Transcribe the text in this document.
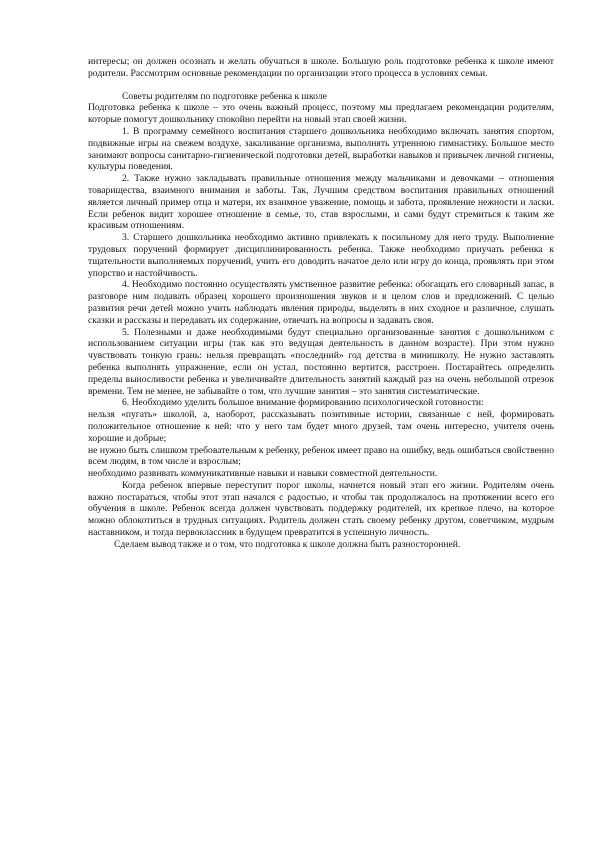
интересы; он должен осознать и желать обучаться в школе. Большую роль подготовке ребенка к школе имеют родители. Рассмотрим основные рекомендации по организации этого процесса в условиях семьи.

Советы родителям по подготовке ребенка к школе

Подготовка ребенка к школе – это очень важный процесс, поэтому мы предлагаем рекомендации родителям, которые помогут дошкольнику спокойно перейти на новый этап своей жизни.

1. В программу семейного воспитания старшего дошкольника необходимо включать занятия спортом, подвижные игры на свежем воздухе, закаливание организма, выполнять утреннюю гимнастику. Большое место занимают вопросы санитарно-гигиенической подготовки детей, выработки навыков и привычек личной гигиены, культуры поведения.

2. Также нужно закладывать правильные отношения между мальчиками и девочками – отношения товарищества, взаимного внимания и заботы. Так, Лучшим средством воспитания правильных отношений является личный пример отца и матери, их взаимное уважение, помощь и забота, проявление нежности и ласки. Если ребенок видит хорошее отношение в семье, то, став взрослыми, и сами будут стремиться к таким же красивым отношениям.

3. Старшего дошкольника необходимо активно привлекать к посильному для него труду. Выполнение трудовых поручений формирует дисциплинированность ребенка. Также необходимо приучать ребенка к тщательности выполняемых поручений, учить его доводить начатое дело или игру до конца, проявлять при этом упорство и настойчивость.

4. Необходимо постоянно осуществлять умственное развитие ребенка: обогащать его словарный запас, в разговоре ним подавать образец хорошего произношения звуков и в целом слов и предложений. С целью развития речи детей можно учить наблюдать явления природы, выделять в них сходное и различное, слушать сказки и рассказы и передавать их содержание, отвечать на вопросы и задавать своя.

5. Полезными и даже необходимыми будут специально организованные занятия с дошкольником с использованием ситуации игры (так как это ведущая деятельность в данном возрасте). При этом нужно чувствовать тонкую грань: нельзя превращать «последний» год детства в минишколу. Не нужно заставлять ребенка выполнять упражнение, если он устал, постоянно вертится, расстроен. Постарайтесь определить пределы выносливости ребенка и увеличивайте длительность занятий каждый раз на очень небольшой отрезок времени. Тем не менее, не забывайте о том, что лучшие занятия – это занятия систематические.

6. Необходимо уделить большое внимание формированию психологической готовности:

нельзя «пугать» школой, а, наоборот, рассказывать позитивные истории, связанные с ней, формировать положительное отношение к ней: что у него там будет много друзей, там очень интересно, учителя очень хорошие и добрые;

не нужно быть слишком требовательным к ребенку, ребенок имеет право на ошибку, ведь ошибаться свойственно всем людям, в том числе и взрослым;

необходимо развивать коммуникативные навыки и навыки совместной деятельности.

Когда ребенок впервые переступит порог школы, начнется новый этап его жизни. Родителям очень важно постараться, чтобы этот этап начался с радостью, и чтобы так продолжалось на протяжении всего его обучения в школе. Ребенок всегда должен чувствовать поддержку родителей, их крепкое плечо, на которое можно облокотиться в трудных ситуациях. Родитель должен стать своему ребенку другом, советчиком, мудрым наставником, и тогда первоклассник в будущем превратится в успешную личность.

Сделаем вывод также и о том, что подготовка к школе должна быть разносторонней.
